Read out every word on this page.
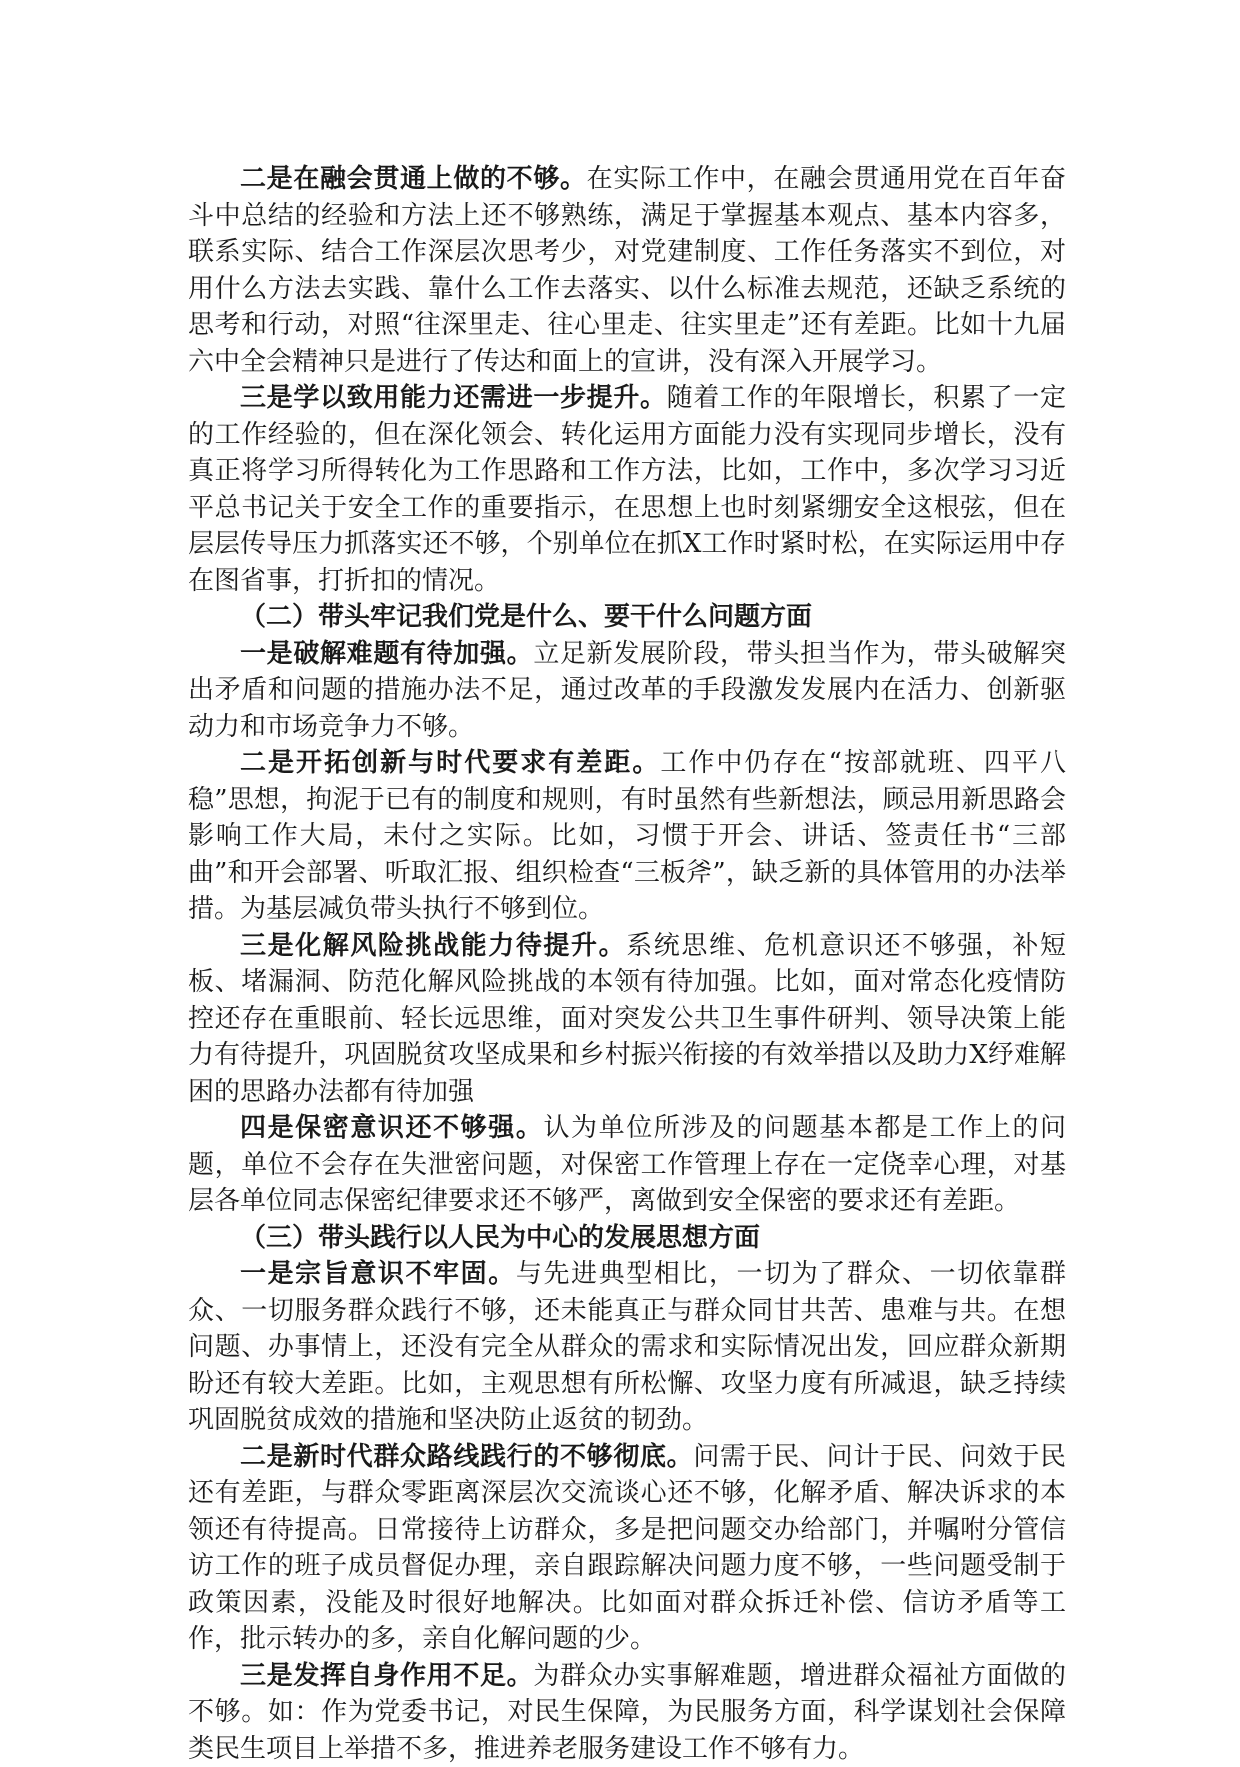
二是在融会贯通上做的不够。在实际工作中，在融会贯通用党在百年奋斗中总结的经验和方法上还不够熟练，满足于掌握基本观点、基本内容多，联系实际、结合工作深层次思考少，对党建制度、工作任务落实不到位，对用什么方法去实践、靠什么工作去落实、以什么标准去规范，还缺乏系统的思考和行动，对照“往深里走、往心里走、往实里走”还有差距。比如十九届六中全会精神只是进行了传达和面上的宣讲，没有深入开展学习。

三是学以致用能力还需进一步提升。随着工作的年限增长，积累了一定的工作经验的，但在深化领会、转化运用方面能力没有实现同步增长，没有真正将学习所得转化为工作思路和工作方法，比如，工作中，多次学习习近平总书记关于安全工作的重要指示，在思想上也时刻紧绷安全这根弦，但在层层传导压力抓落实还不够，个别单位在抓X工作时紧时松，在实际运用中存在图省事，打折扣的情况。

（二）带头牢记我们党是什么、要干什么问题方面

一是破解难题有待加强。立足新发展阶段，带头担当作为，带头破解突出矛盾和问题的措施办法不足，通过改革的手段激发发展内在活力、创新驱动力和市场竞争力不够。

二是开拓创新与时代要求有差距。工作中仍存在“按部就班、四平八稳”思想，拘泥于已有的制度和规则，有时虽然有些新想法，顾忌用新思路会影响工作大局，未付之实际。比如，习惯于开会、讲话、签责任书“三部曲”和开会部署、听取汇报、组织检查“三板斧”，缺乏新的具体管用的办法举措。为基层减负带头执行不够到位。

三是化解风险挑战能力待提升。系统思维、危机意识还不够强，补短板、堵漏洞、防范化解风险挑战的本领有待加强。比如，面对常态化疫情防控还存在重眼前、轻长远思维，面对突发公共卫生事件研判、领导决策上能力有待提升，巩固脱贫攻坚成果和乡村振兴衔接的有效举措以及助力X纾难解困的思路办法都有待加强

四是保密意识还不够强。认为单位所涉及的问题基本都是工作上的问题，单位不会存在失泄密问题，对保密工作管理上存在一定侥幸心理，对基层各单位同志保密纪律要求还不够严，离做到安全保密的要求还有差距。

（三）带头践行以人民为中心的发展思想方面

一是宗旨意识不牢固。与先进典型相比，一切为了群众、一切依靠群众、一切服务群众践行不够，还未能真正与群众同甘共苦、患难与共。在想问题、办事情上，还没有完全从群众的需求和实际情况出发，回应群众新期盼还有较大差距。比如，主观思想有所松懈、攻坚力度有所减退，缺乏持续巩固脱贫成效的措施和坚决防止返贫的韧劲。

二是新时代群众路线践行的不够彻底。问需于民、问计于民、问效于民还有差距，与群众零距离深层次交流谈心还不够，化解矛盾、解决诉求的本领还有待提高。日常接待上访群众，多是把问题交办给部门，并嘱咐分管信访工作的班子成员督促办理，亲自跟踪解决问题力度不够，一些问题受制于政策因素，没能及时很好地解决。比如面对群众拆迁补偿、信访矛盾等工作，批示转办的多，亲自化解问题的少。

三是发挥自身作用不足。为群众办实事解难题，增进群众福祉方面做的不够。如：作为党委书记，对民生保障，为民服务方面，科学谋划社会保障类民生项目上举措不多，推进养老服务建设工作不够有力。
